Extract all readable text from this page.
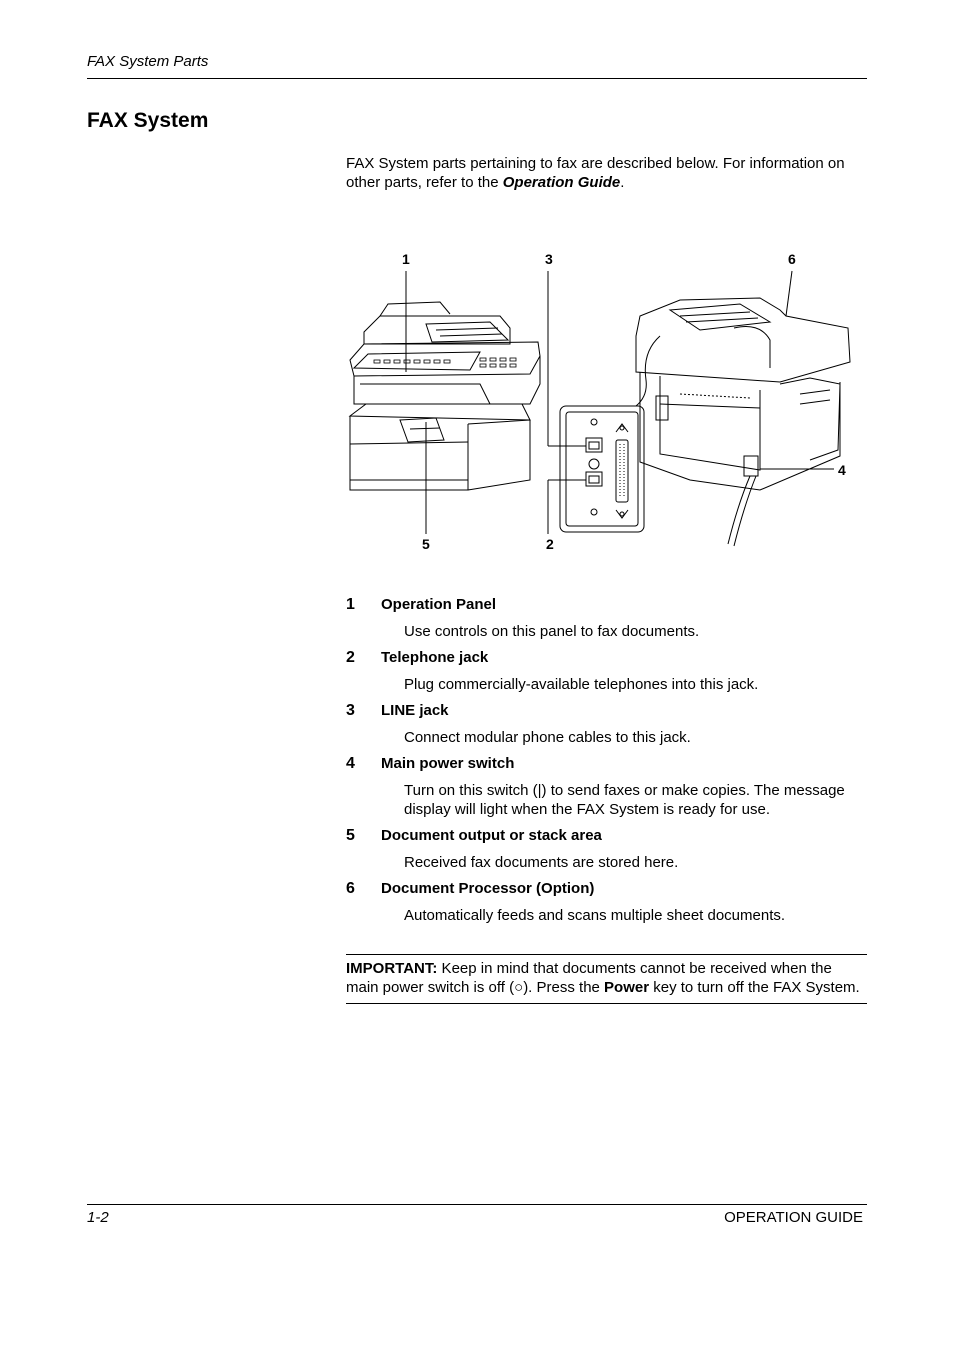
FAX System Parts
FAX System

FAX System parts pertaining to fax are described below. For information on other parts, refer to the Operation Guide.

1	3	6
4
5	2
1	Operation Panel
Use controls on this panel to fax documents.
2	Telephone jack
Plug commercially-available telephones into this jack.
3	LINE jack
Connect modular phone cables to this jack.
4	Main power switch
Turn on this switch (|) to send faxes or make copies. The message display will light when the FAX System is ready for use.
5	Document output or stack area
Received fax documents are stored here.
6	Document Processor (Option)
Automatically feeds and scans multiple sheet documents.
IMPORTANT: Keep in mind that documents cannot be received when the main power switch is off (○). Press the Power key to turn off the FAX System.
1-2	OPERATION GUIDE
